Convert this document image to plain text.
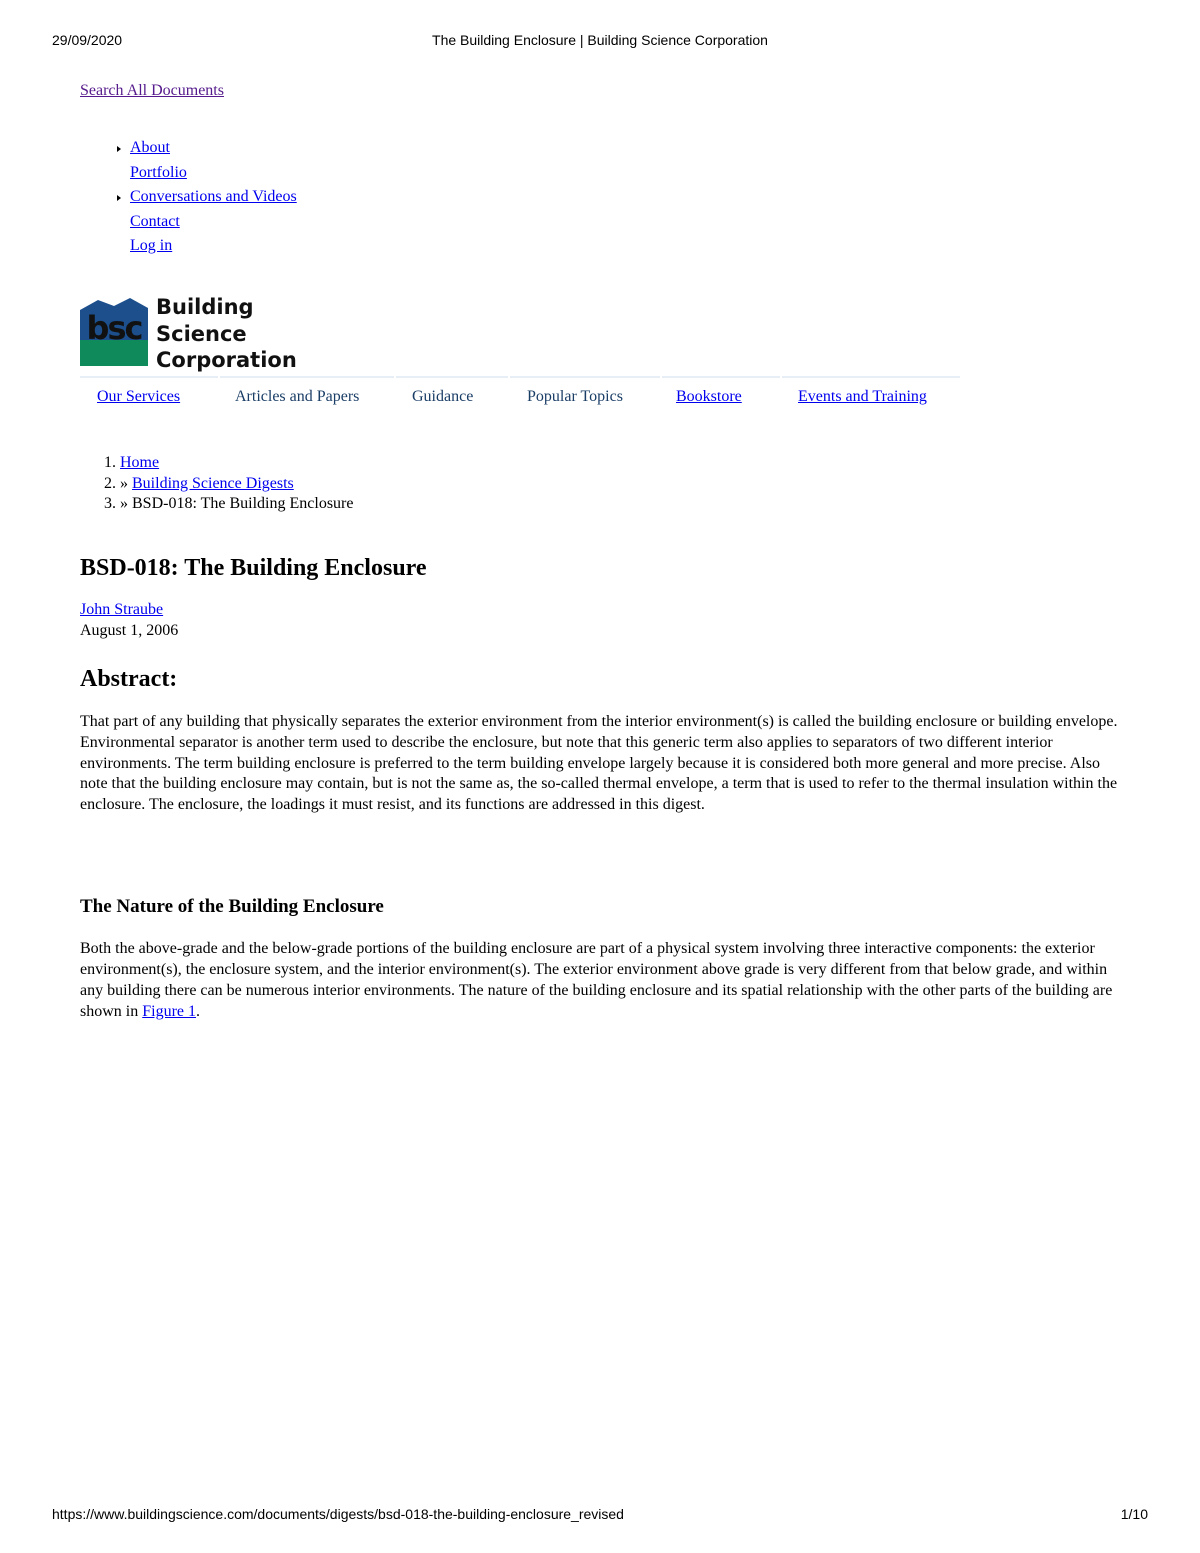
29/09/2020	The Building Enclosure | Building Science Corporation
Search All Documents
About
Portfolio
Conversations and Videos
Contact
Log in
bsc
Building
Science
Corporation
Our Services	Articles and Papers	Guidance	Popular Topics	Bookstore	Events and Training
1. Home
2. » Building Science Digests
3. » BSD-018: The Building Enclosure
BSD-018: The Building Enclosure
John Straube
August 1, 2006
Abstract:

That part of any building that physically separates the exterior environment from the interior environment(s) is called the building enclosure or building envelope. Environmental separator is another term used to describe the enclosure, but note that this generic term also applies to separators of two different interior environments. The term building enclosure is preferred to the term building envelope largely because it is considered both more general and more precise. Also note that the building enclosure may contain, but is not the same as, the so-called thermal envelope, a term that is used to refer to the thermal insulation within the enclosure. The enclosure, the loadings it must resist, and its functions are addressed in this digest.

The Nature of the Building Enclosure

Both the above-grade and the below-grade portions of the building enclosure are part of a physical system involving three interactive components: the exterior environment(s), the enclosure system, and the interior environment(s). The exterior environment above grade is very different from that below grade, and within any building there can be numerous interior environments. The nature of the building enclosure and its spatial relationship with the other parts of the building are shown in Figure 1.

https://www.buildingscience.com/documents/digests/bsd-018-the-building-enclosure_revised	1/10
